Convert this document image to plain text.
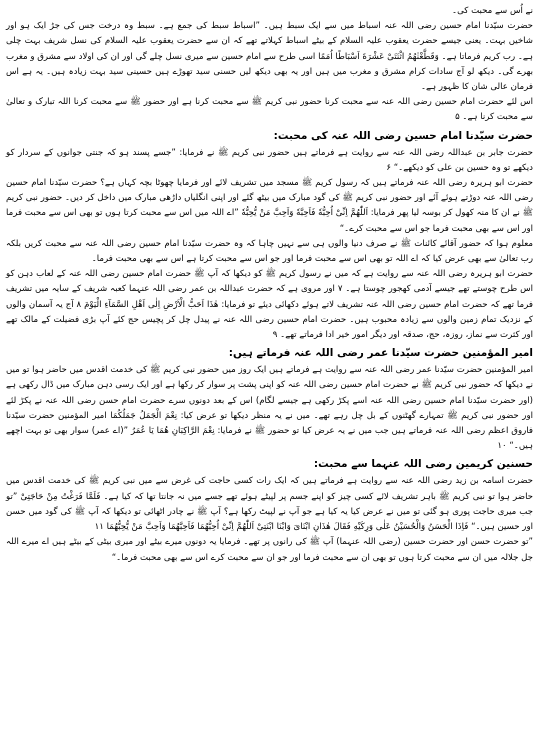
نے اُس سے محبت کی۔

حضرت سیّدنا امام حسین رضی اللہ عنہ اسباط میں سے ایک سبط ہیں۔ ”اسباط سبط کی جمع ہے۔ سبط وہ درخت جس کی جڑ ایک ہو اور شاخیں بہت۔ یعنی جیسے حضرت یعقوب علیہ السلام کے بیٹے اسباط کہلاتے تھے کہ ان سے حضرت یعقوب علیہ السلام کی نسل شریف بہت چلی ہے۔ رب کریم فرماتا ہے۔ وَقَطَّعْنٰهُمُ اثْنَتَیْ عَشْرَةَ اَسْبَاطًا اُمَمًا اسی طرح سے امام حسین سے میری نسل چلے گی اور ان کی اولاد سے مشرق و مغرب بھرے گی۔ دیکھ لو آج سادات کرام مشرق و مغرب میں ہیں اور یہ بھی دیکھ لیں حسنی سید تھوڑے ہیں حسینی سید بہت زیادہ ہیں۔ یہ ہے اس فرمان عالی شان کا ظہور ہے۔

اس لئے حضرت امام حسین رضی اللہ عنہ سے محبت کرنا حضور نبی کریم ﷺ سے محبت کرنا ہے اور حضور ﷺ سے محبت کرنا اللہ تبارک و تعالیٰ سے محبت کرنا ہے۔ ۵

حضرت سیّدنا امام حسین رضی اللہ عنہ کی محبت:

حضرت جابر بن عبداللہ رضی اللہ عنہ سے روایت ہے فرماتے ہیں حضور نبی کریم ﷺ نے فرمایا: ”جسے پسند ہو کہ جنتی جوانوں کے سردار کو دیکھے تو وہ حسین بن علی کو دیکھے۔“ ۶

حضرت ابو ہریرہ رضی اللہ عنہ فرماتے ہیں کہ رسول کریم ﷺ مسجد میں تشریف لائے اور فرمایا چھوٹا بچہ کہاں ہے؟ حضرت سیّدنا امام حسین رضی اللہ عنہ دوڑتے ہوئے آئے اور حضور نبی کریم ﷺ کی گود مبارک میں بیٹھ گئے اور اپنی انگلیاں داڑھی مبارک میں داخل کر دیں۔ حضور نبی کریم ﷺ نے ان کا منہ کھول کر بوسہ لیا پھر فرمایا: اَللّٰھُمَّ اِنِّیْ اُحِبُّهٗ فَاَحِبَّهٗ وَاَحِبَّ مَنْ یُّحِبُّهٗ ”اے اللہ میں اس سے محبت کرتا ہوں تو بھی اس سے محبت فرما اور اس سے بھی محبت فرما جو اس سے محبت کرے۔“

معلوم ہوا کہ حضور آقائے کائنات ﷺ نے صرف دنیا والوں ہی سے نہیں چاہا کہ وہ حضرت سیّدنا امام حسین رضی اللہ عنہ سے محبت کریں بلکہ رب تعالیٰ سے بھی عرض کیا کہ اے اللہ تو بھی اس سے محبت فرما اور جو اس سے محبت کرتا ہے اس سے بھی محبت فرما۔

حضرت ابو ہریرہ رضی اللہ عنہ سے روایت ہے کہ میں نے رسول کریم ﷺ کو دیکھا کہ آپ ﷺ حضرت امام حسین رضی اللہ عنہ کے لعاب دہن کو اس طرح چوستے تھے جیسے آدمی کھجور چوستا ہے۔ ۷ اور مروی ہے کہ حضرت عبداللہ بن عمر رضی اللہ عنہما کعبہ شریف کے سایہ میں تشریف فرما تھے کہ حضرت امام حسین رضی اللہ عنہ تشریف لاتے ہوئے دکھائی دیئے تو فرمایا: هٰذَا اَحَبُّ الْاَرْضِ اِلٰی اَهْلِ السَّمَآءِ الْیَوْمَ ۸ آج یہ آسمان والوں کے نزدیک تمام زمین والوں سے زیادہ محبوب ہیں۔ حضرت امام حسین رضی اللہ عنہ نے پیدل چل کر پچیس حج کئے آپ بڑی فضیلت کے مالک تھے اور کثرت سے نماز، روزہ، حج، صدقہ اور دیگر امور خیر ادا فرماتے تھے۔ ۹

امیر المؤمنین حضرت سیّدنا عمر رضی اللہ عنہ فرماتے ہیں:

امیر المؤمنین حضرت سیّدنا عمر رضی اللہ عنہ سے روایت ہے فرماتے ہیں ایک روز میں حضور نبی کریم ﷺ کی خدمت اقدس میں حاضر ہوا تو میں نے دیکھا کہ حضور نبی کریم ﷺ نے حضرت امام حسین رضی اللہ عنہ کو اپنی پشت پر سوار کر رکھا ہے اور ایک رسی دہن مبارک میں ڈال رکھی ہے (اور حضرت سیّدنا امام حسین رضی اللہ عنہ اسے پکڑ رکھی ہے جیسے لگام) اس کے بعد دونوں سرے حضرت امام حسن رضی اللہ عنہ نے پکڑ لئے اور حضور نبی کریم ﷺ تمہارے گھٹنوں کے بل چل رہے تھے۔ میں نے یہ منظر دیکھا تو عرض کیا: نِعْمَ الْجَمَلُ جَمَلُكُمَا امیر المؤمنین حضرت سیّدنا فاروق اعظم رضی اللہ عنہ فرماتے ہیں جب میں نے یہ عرض کیا تو حضور ﷺ نے فرمایا: نِعْمَ الرَّاکِبَانِ هُمَا یَا عُمَرُ ”(اے عمر) سوار بھی تو بہت اچھے ہیں۔“ ۱۰

حسنین کریمین رضی اللہ عنہما سے محبت:

حضرت اسامہ بن زید رضی اللہ عنہ سے روایت ہے فرماتے ہیں کہ ایک رات کسی حاجت کی غرض سے میں نبی کریم ﷺ کی خدمت اقدس میں حاضر ہوا تو نبی کریم ﷺ باہر تشریف لائے کسی چیز کو اپنے جسم پر لپیٹے ہوئے تھے جسے میں نہ جانتا تھا کہ کیا ہے۔ فَلَمَّا فَرَغْتُ مِنْ حَاجَتِیْ ”تو جب میری حاجت پوری ہو گئی تو میں نے عرض کیا یہ کیا ہے جو آپ نے لپیٹ رکھا ہے؟ آپ ﷺ نے چادر اٹھائی تو دیکھا کہ آپ ﷺ کی گود میں حسن اور حسین ہیں۔“ فَاِذَا الْحَسَنُ وَالْحُسَیْنُ عَلٰی وَرِکَیْهِ فَقَالَ هٰذَانِ ابْنَایَ وَابْنَا ابْنَتِیْ اَللّٰهُمَّ اِنِّیْ اُحِبُّهُمَا فَاَحِبَّهُمَا وَاَحِبَّ مَنْ یُّحِبُّهُمَا ۱۱

”تو حضرت حسن اور حضرت حسین (رضی اللہ عنہما) آپ ﷺ کی رانوں پر تھے۔ فرمایا یہ دونوں میرے بیٹے اور میری بیٹی کے بیٹے ہیں اے میرے اللہ جل جلالہ میں ان سے محبت کرتا ہوں تو بھی ان سے محبت فرما اور جو ان سے محبت کرے اس سے بھی محبت فرما۔“
